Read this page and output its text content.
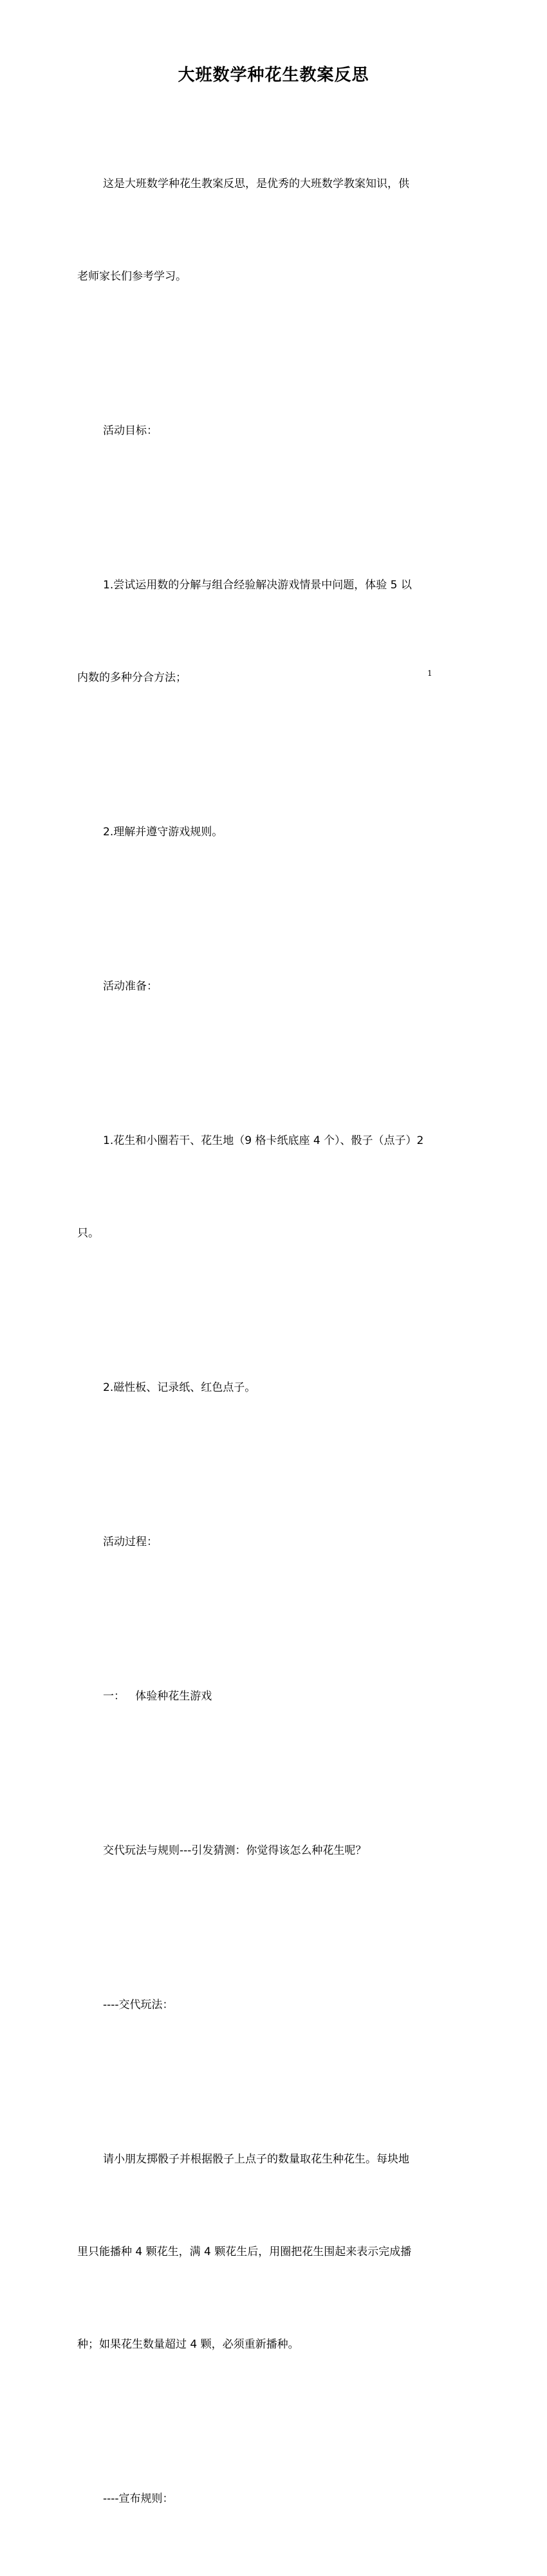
大班数学种花生教案反思

这是大班数学种花生教案反思，是优秀的大班数学教案知识，供

老师家长们参考学习。

活动目标：

1.尝试运用数的分解与组合经验解决游戏情景中问题，体验 5 以

内数的多种分合方法；

2.理解并遵守游戏规则。

活动准备：

1.花生和小圈若干、花生地（9 格卡纸底座 4 个）、骰子（点子）2

只。

2.磁性板、记录纸、红色点子。

活动过程：

一：   体验种花生游戏

交代玩法与规则---引发猜测：你觉得该怎么种花生呢？

----交代玩法：

请小朋友掷骰子并根据骰子上点子的数量取花生种花生。每块地

里只能播种 4 颗花生，满 4 颗花生后，用圈把花生围起来表示完成播

种；如果花生数量超过 4 颗，必须重新播种。

----宣布规则：

1
